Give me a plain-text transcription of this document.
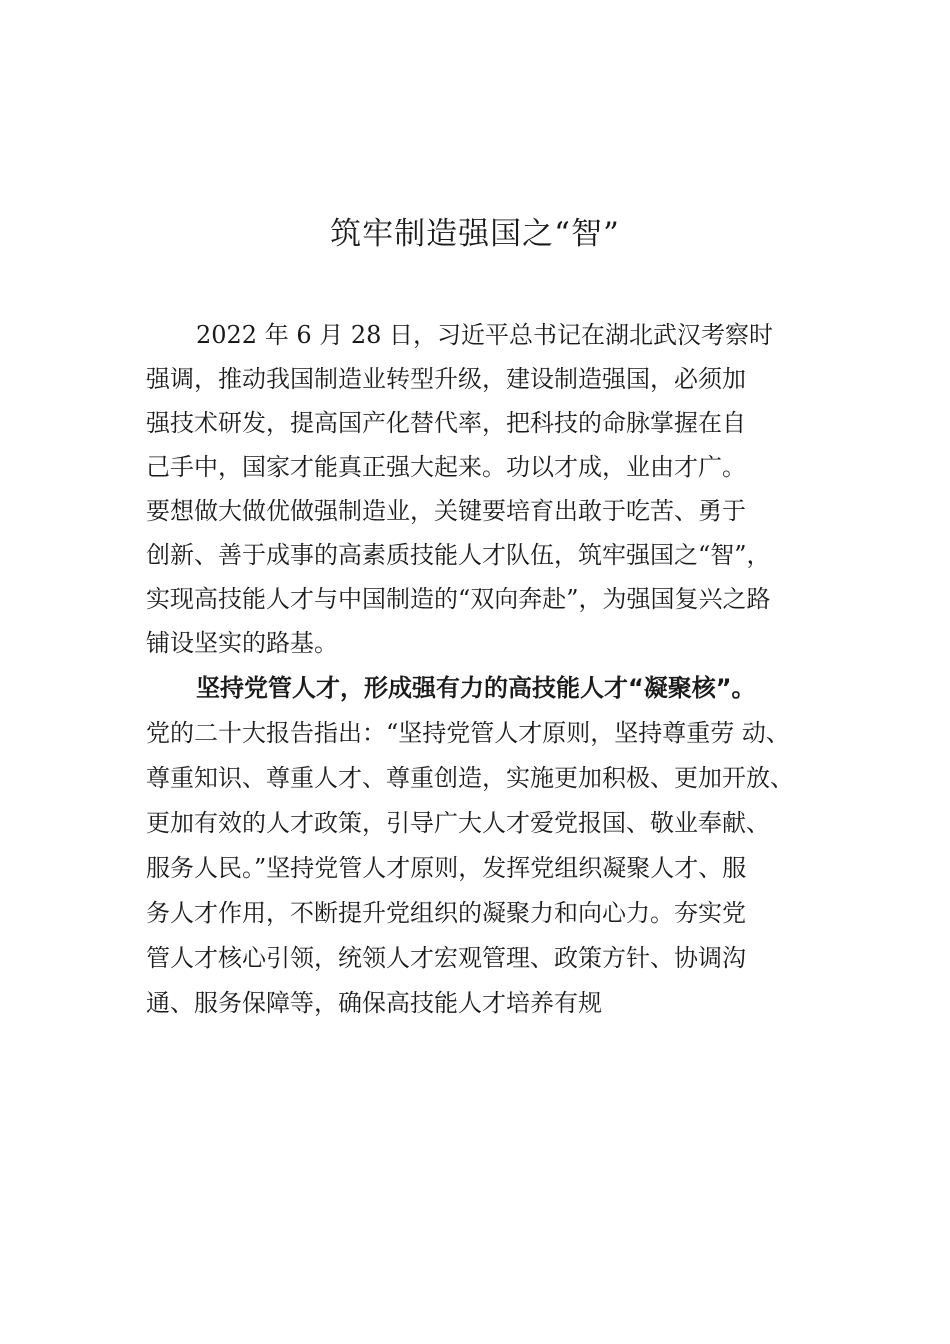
筑牢制造强国之“智”
2022 年 6 月 28 日，习近平总书记在湖北武汉考察时
强调，推动我国制造业转型升级，建设制造强国，必须加
强技术研发，提高国产化替代率，把科技的命脉掌握在自
己手中，国家才能真正强大起来。功以才成，业由才广。
要想做大做优做强制造业，关键要培育出敢于吃苦、勇于
创新、善于成事的高素质技能人才队伍，筑牢强国之“智”，
实现高技能人才与中国制造的“双向奔赴”，为强国复兴之路
铺设坚实的路基。
坚持党管人才，形成强有力的高技能人才“凝聚核”。
党的二十大报告指出：“坚持党管人才原则，坚持尊重劳 动、
尊重知识、尊重人才、尊重创造，实施更加积极、更加开放、
更加有效的人才政策，引导广大人才爱党报国、敬业奉献、
服务人民。”坚持党管人才原则，发挥党组织凝聚人才、服
务人才作用，不断提升党组织的凝聚力和向心力。夯实党
管人才核心引领，统领人才宏观管理、政策方针、协调沟
通、服务保障等，确保高技能人才培养有规
